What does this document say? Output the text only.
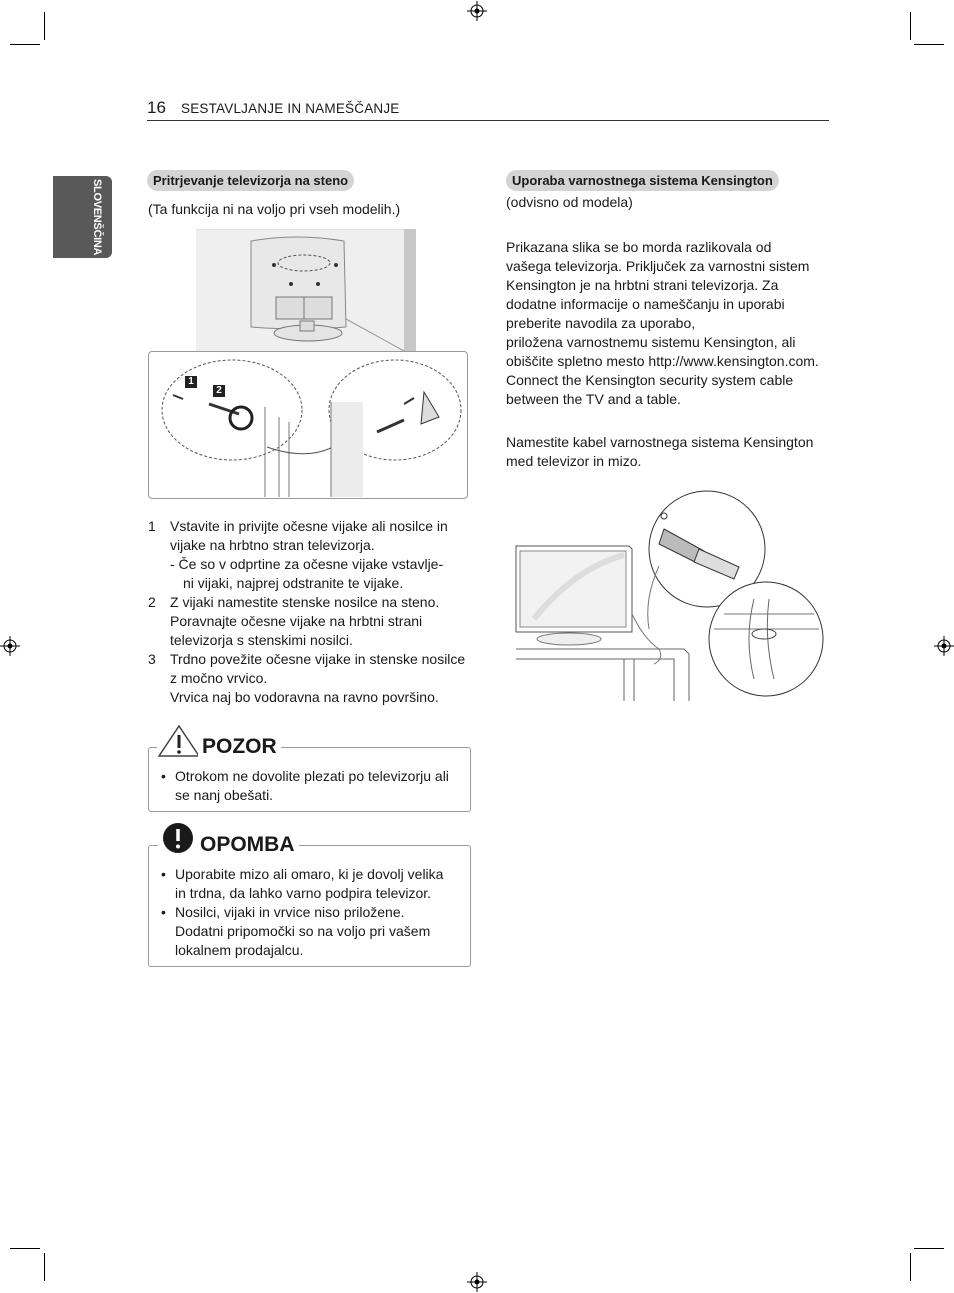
16 SESTAVLJANJE IN NAMEŠČANJE
SLOVENŠČINA	Pritrjevanje televizorja na steno
(Ta funkcija ni na voljo pri vseh modelih.)
1
2
1	Vstavite in privijte očesne vijake ali nosilce in
vijake na hrbtno stran televizorja.
- Če so v odprtine za očesne vijake vstavlje-
ni vijaki, najprej odstranite te vijake.
2	Z vijaki namestite stenske nosilce na steno.
Poravnajte očesne vijake na hrbtni strani
televizorja s stenskimi nosilci.
3	Trdno povežite očesne vijake in stenske nosilce
z močno vrvico.
Vrvica naj bo vodoravna na ravno površino.
POZOR
• Otrokom ne dovolite plezati po televizorju ali
se nanj obešati.
OPOMBA
• Uporabite mizo ali omaro, ki je dovolj velika
in trdna, da lahko varno podpira televizor.
• Nosilci, vijaki in vrvice niso priložene.
Dodatni pripomočki so na voljo pri vašem
lokalnem prodajalcu.
Uporaba varnostnega sistema Kensington
(odvisno od modela)
Prikazana slika se bo morda razlikovala od
vašega televizorja. Priključek za varnostni sistem
Kensington je na hrbtni strani televizorja. Za
dodatne informacije o nameščanju in uporabi
preberite navodila za uporabo,
priložena varnostnemu sistemu Kensington, ali
obiščite spletno mesto http://www.kensington.com.
Connect the Kensington security system cable
between the TV and a table.
Namestite kabel varnostnega sistema Kensington
med televizor in mizo.
